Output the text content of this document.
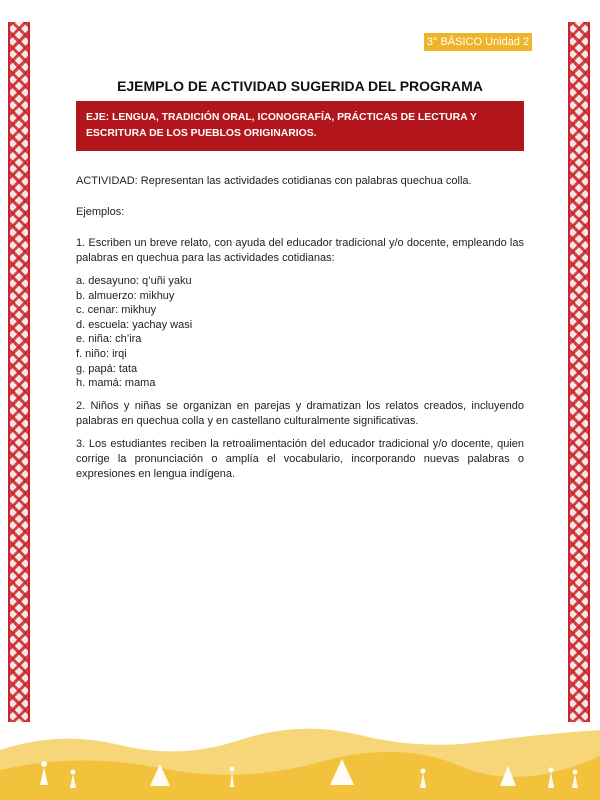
3° BÁSICO Unidad 2
EJEMPLO DE ACTIVIDAD SUGERIDA DEL PROGRAMA
EJE: LENGUA, TRADICIÓN ORAL, ICONOGRAFÍA, PRÁCTICAS DE LECTURA Y ESCRITURA DE LOS PUEBLOS ORIGINARIOS.

ACTIVIDAD: Representan las actividades cotidianas con palabras quechua colla.

Ejemplos:

1. Escriben un breve relato, con ayuda del educador tradicional y/o docente, empleando las palabras en quechua para las actividades cotidianas:

a. desayuno: q’uñi yaku
b. almuerzo: mikhuy
c. cenar: mikhuy
d. escuela: yachay wasi
e. niña: ch’ira
f. niño: irqi
g. papá: tata
h. mamá: mama

2. Niños y niñas se organizan en parejas y dramatizan los relatos creados, incluyendo palabras en quechua colla y en castellano culturalmente significativas.

3. Los estudiantes reciben la retroalimentación del educador tradicional y/o docente, quien corrige la pronunciación o amplía el vocabulario, incorporando nuevas palabras o expresiones en lengua indígena.
